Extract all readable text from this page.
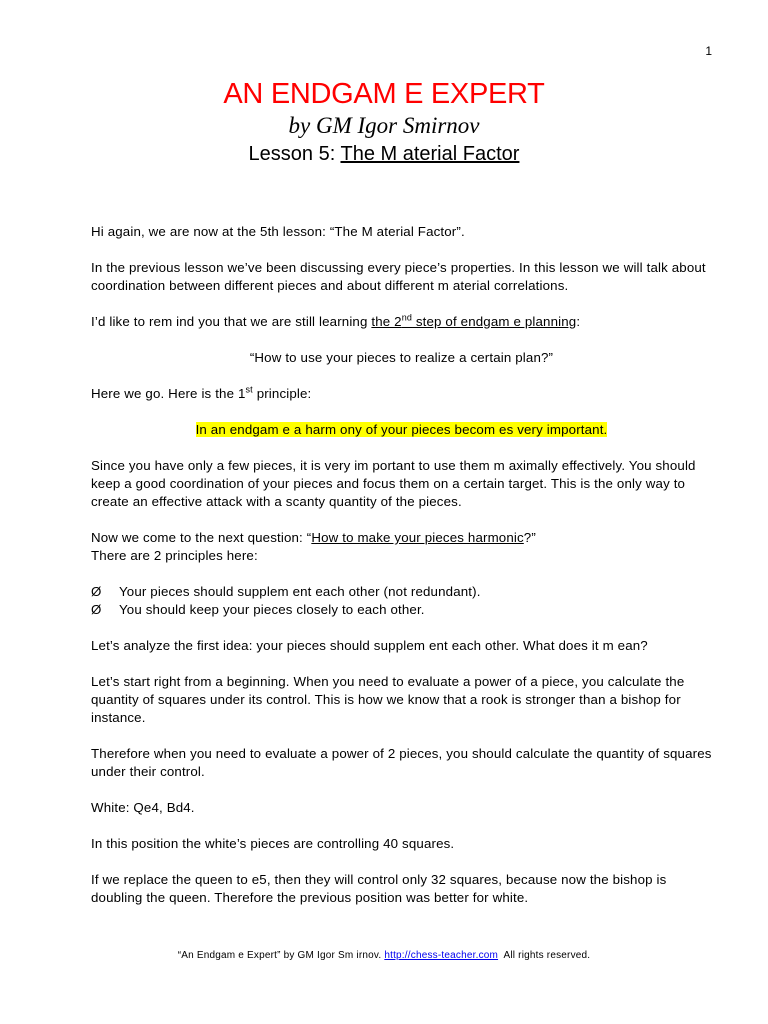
1
AN ENDGAM E EXPERT
by GM Igor Smirnov
Lesson 5: The M aterial Factor

Hi again, we are now at the 5th lesson: “The M aterial Factor”.

In the previous lesson we’ve been discussing every piece’s properties. In this lesson we will talk about coordination between different pieces and about different m aterial correlations.

I’d like to rem ind you that we are still learning the 2nd step of endgam e planning:

“How to use your pieces to realize a certain plan?”

Here we go. Here is the 1st principle:

In an endgam e a harm ony of your pieces becom es very important.

Since you have only a few pieces, it is very im portant to use them m aximally effectively. You should keep a good coordination of your pieces and focus them on a certain target. This is the only way to create an effective attack with a scanty quantity of the pieces.

Now we come to the next question: “How to make your pieces harmonic?”
There are 2 principles here:

Ø Your pieces should supplem ent each other (not redundant).
Ø You should keep your pieces closely to each other.

Let’s analyze the first idea: your pieces should supplem ent each other. What does it m ean?

Let’s start right from a beginning. When you need to evaluate a power of a piece, you calculate the quantity of squares under its control. This is how we know that a rook is stronger than a bishop for instance.

Therefore when you need to evaluate a power of 2 pieces, you should calculate the quantity of squares under their control.

White: Qe4, Bd4.

In this position the white’s pieces are controlling 40 squares.

If we replace the queen to e5, then they will control only 32 squares, because now the bishop is doubling the queen. Therefore the previous position was better for white.

“An Endgam e Expert” by GM Igor Sm irnov. http://chess-teacher.com  All rights reserved.
